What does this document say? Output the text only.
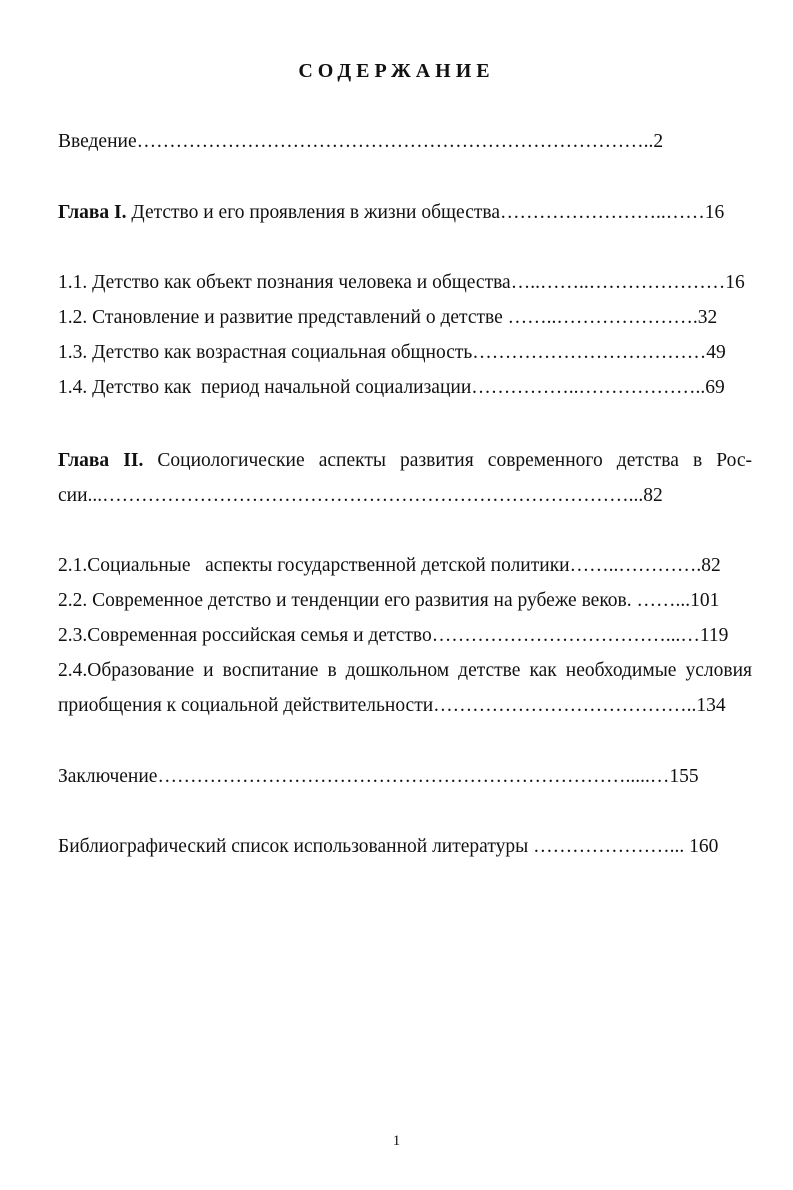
СОДЕРЖАНИЕ
Введение……………………………………………………………………..2
Глава I. Детство и его проявления в жизни общества……………………..……16
1.1. Детство как объект познания человека и общества…..……..…………………16
1.2. Становление и развитие представлений о детстве ……..………………….32
1.3. Детство как возрастная социальная общность………………………………49
1.4. Детство как  период начальной социализации……………..………………..69
Глава II. Социологические аспекты развития современного детства в Рос-
сии...………………………………………………………………………...82
2.1.Социальные   аспекты государственной детской политики……..………….82
2.2. Современное детство и тенденции его развития на рубеже веков. ……...101
2.3.Современная российская семья и детство………………………………...…119
2.4.Образование и воспитание в дошкольном детстве как необходимые условия
приобщения к социальной действительности…………………………………..134
Заключение……………………………………………………………….....…155
Библиографический список использованной литературы …………………... 160
1
